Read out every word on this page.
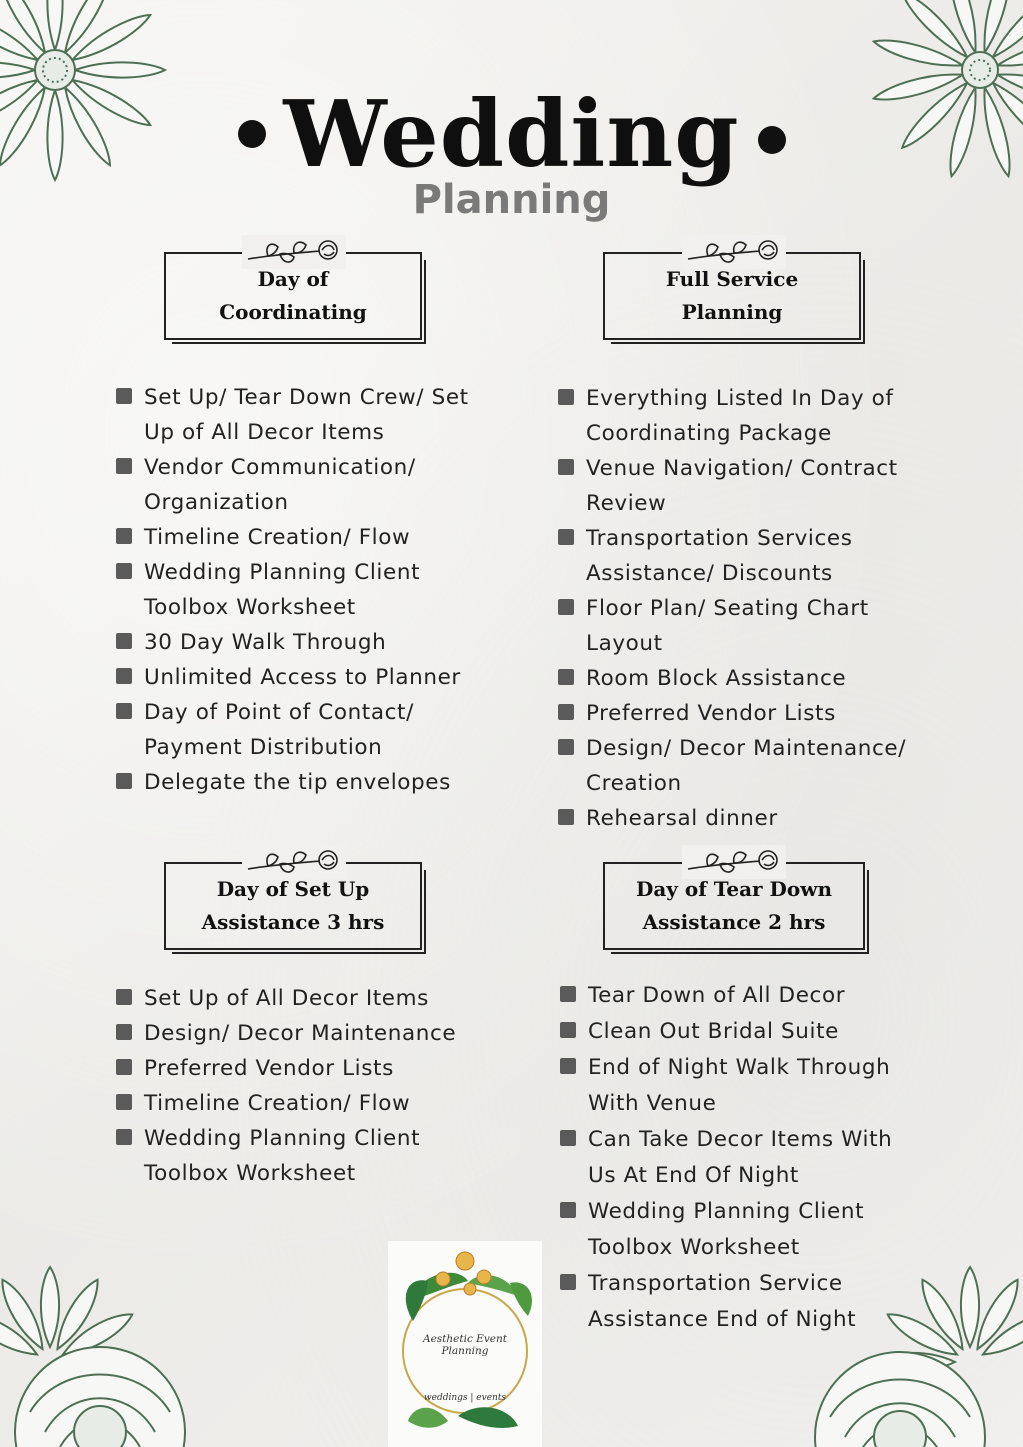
Wedding
Planning
Day of
Coordinating
Set Up/ Tear Down Crew/ Set Up of All Decor Items
Vendor Communication/ Organization
Timeline Creation/ Flow
Wedding Planning Client Toolbox Worksheet
30 Day Walk Through
Unlimited Access to Planner
Day of Point of Contact/ Payment Distribution
Delegate the tip envelopes
Full Service
Planning
Everything Listed In Day of Coordinating Package
Venue Navigation/ Contract Review
Transportation Services Assistance/ Discounts
Floor Plan/ Seating Chart Layout
Room Block Assistance
Preferred Vendor Lists
Design/ Decor Maintenance/ Creation
Rehearsal dinner
Day of Set Up
Assistance 3 hrs
Set Up of All Decor Items
Design/ Decor Maintenance
Preferred Vendor Lists
Timeline Creation/ Flow
Wedding Planning Client Toolbox Worksheet
Day of Tear Down
Assistance 2 hrs
Tear Down of All Decor
Clean Out Bridal Suite
End of Night Walk Through With Venue
Can Take Decor Items With Us At End Of Night
Wedding Planning Client Toolbox Worksheet
Transportation Service Assistance End of Night
Aesthetic Event Planning
weddings | events
